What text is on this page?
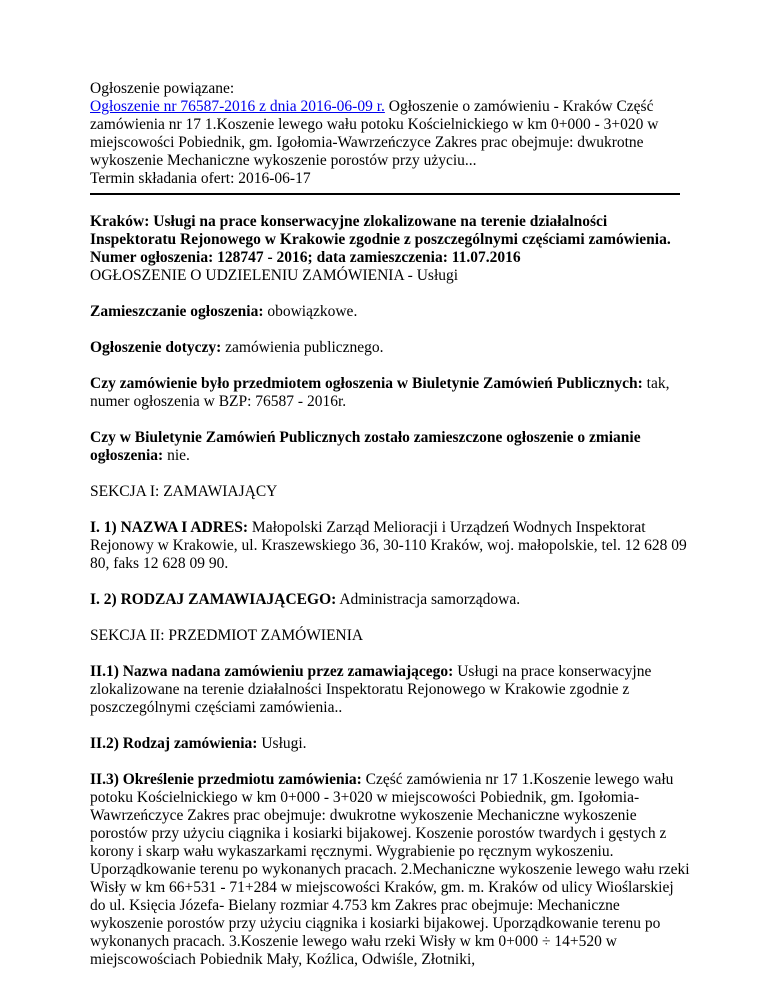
Ogłoszenie powiązane:

Ogłoszenie nr 76587-2016 z dnia 2016-06-09 r. Ogłoszenie o zamówieniu - Kraków Część zamówienia nr 17 1.Koszenie lewego wału potoku Kościelnickiego w km 0+000 - 3+020 w miejscowości Pobiednik, gm. Igołomia-Wawrzeńczyce Zakres prac obejmuje: dwukrotne wykoszenie Mechaniczne wykoszenie porostów przy użyciu...

Termin składania ofert: 2016-06-17

Kraków: Usługi na prace konserwacyjne zlokalizowane na terenie działalności Inspektoratu Rejonowego w Krakowie zgodnie z poszczególnymi częściami zamówienia.

Numer ogłoszenia: 128747 - 2016; data zamieszczenia: 11.07.2016

OGŁOSZENIE O UDZIELENIU ZAMÓWIENIA - Usługi

Zamieszczanie ogłoszenia: obowiązkowe.

Ogłoszenie dotyczy: zamówienia publicznego.

Czy zamówienie było przedmiotem ogłoszenia w Biuletynie Zamówień Publicznych: tak, numer ogłoszenia w BZP: 76587 - 2016r.

Czy w Biuletynie Zamówień Publicznych zostało zamieszczone ogłoszenie o zmianie ogłoszenia: nie.

SEKCJA I: ZAMAWIAJĄCY

I. 1) NAZWA I ADRES: Małopolski Zarząd Melioracji i Urządzeń Wodnych Inspektorat Rejonowy w Krakowie, ul. Kraszewskiego 36, 30-110 Kraków, woj. małopolskie, tel. 12 628 09 80, faks 12 628 09 90.

I. 2) RODZAJ ZAMAWIAJĄCEGO: Administracja samorządowa.

SEKCJA II: PRZEDMIOT ZAMÓWIENIA

II.1) Nazwa nadana zamówieniu przez zamawiającego: Usługi na prace konserwacyjne zlokalizowane na terenie działalności Inspektoratu Rejonowego w Krakowie zgodnie z poszczególnymi częściami zamówienia..

II.2) Rodzaj zamówienia: Usługi.

II.3) Określenie przedmiotu zamówienia: Część zamówienia nr 17 1.Koszenie lewego wału potoku Kościelnickiego w km 0+000 - 3+020 w miejscowości Pobiednik, gm. Igołomia-Wawrzeńczyce Zakres prac obejmuje: dwukrotne wykoszenie Mechaniczne wykoszenie porostów przy użyciu ciągnika i kosiarki bijakowej. Koszenie porostów twardych i gęstych z korony i skarp wału wykaszarkami ręcznymi. Wygrabienie po ręcznym wykoszeniu. Uporządkowanie terenu po wykonanych pracach. 2.Mechaniczne wykoszenie lewego wału rzeki Wisły w km 66+531 - 71+284 w miejscowości Kraków, gm. m. Kraków od ulicy Wioślarskiej do ul. Księcia Józefa- Bielany rozmiar 4.753 km Zakres prac obejmuje: Mechaniczne wykoszenie porostów przy użyciu ciągnika i kosiarki bijakowej. Uporządkowanie terenu po wykonanych pracach. 3.Koszenie lewego wału rzeki Wisły w km 0+000 ÷ 14+520 w miejscowościach Pobiednik Mały, Koźlica, Odwiśle, Złotniki,
